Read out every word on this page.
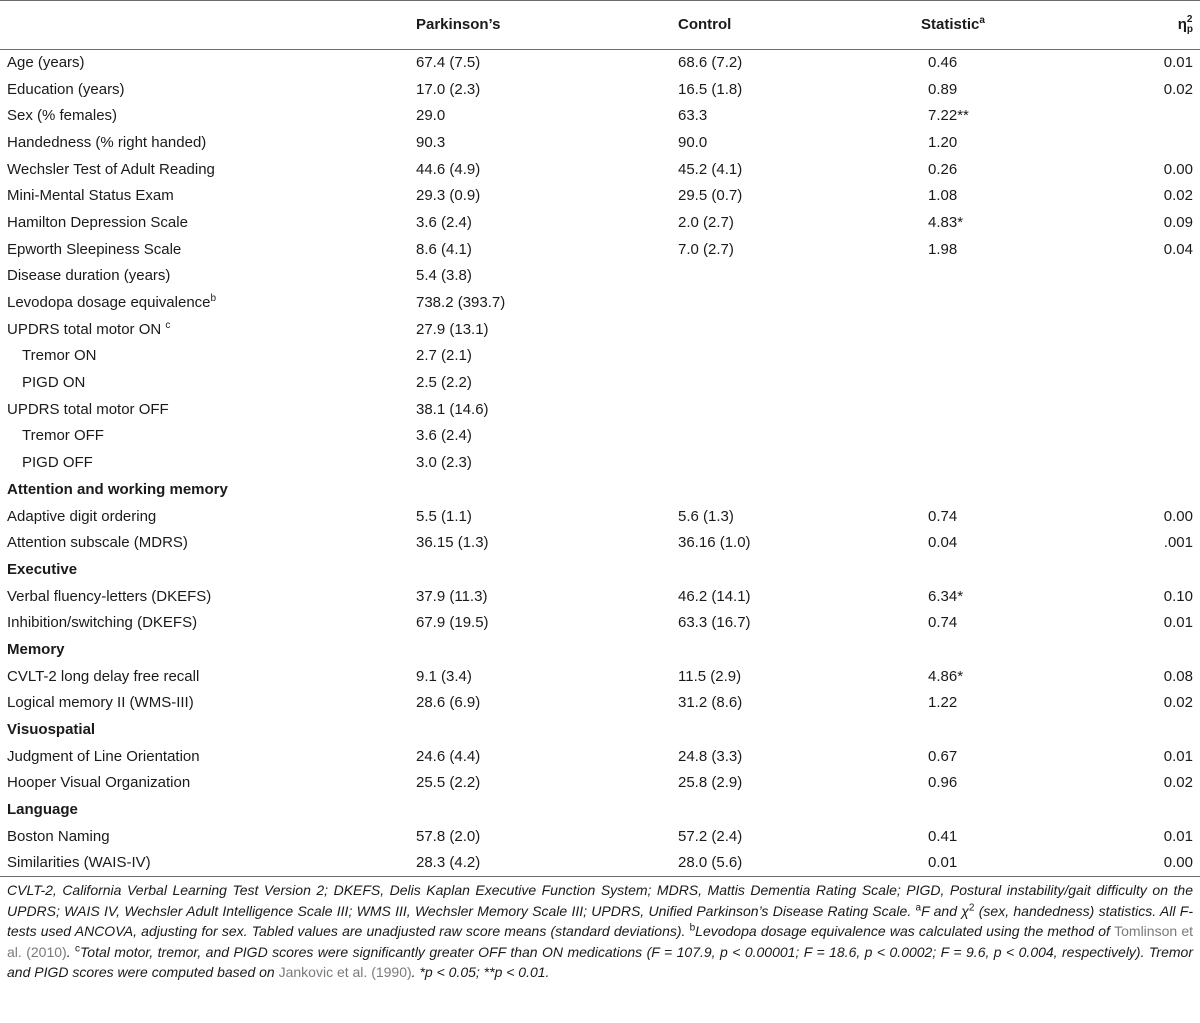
	Parkinson’s	Control	Statistic$^a$	η 2
p

Age (years)	67.4 (7.5)	68.6 (7.2)	0.46	0.01
Education (years)	17.0 (2.3)	16.5 (1.8)	0.89	0.02
Sex (% females)	29.0	63.3	7.22**	
Handedness (% right handed)	90.3	90.0	1.20	
Wechsler Test of Adult Reading	44.6 (4.9)	45.2 (4.1)	0.26	0.00
Mini-Mental Status Exam	29.3 (0.9)	29.5 (0.7)	1.08	0.02
Hamilton Depression Scale	3.6 (2.4)	2.0 (2.7)	4.83*	0.09
Epworth Sleepiness Scale	8.6 (4.1)	7.0 (2.7)	1.98	0.04
Disease duration (years)	5.4 (3.8)			
Levodopa dosage equivalence$^b$	738.2 (393.7)			
UPDRS total motor ON $^c$	27.9 (13.1)			
Tremor ON	2.7 (2.1)			
PIGD ON	2.5 (2.2)			
UPDRS total motor OFF	38.1 (14.6)			
Tremor OFF	3.6 (2.4)			
PIGD OFF	3.0 (2.3)			
Attention and working memory				
Adaptive digit ordering	5.5 (1.1)	5.6 (1.3)	0.74	0.00
Attention subscale (MDRS)	36.15 (1.3)	36.16 (1.0)	0.04	.001
Executive				
Verbal fluency-letters (DKEFS)	37.9 (11.3)	46.2 (14.1)	6.34*	0.10
Inhibition/switching (DKEFS)	67.9 (19.5)	63.3 (16.7)	0.74	0.01
Memory				
CVLT-2 long delay free recall	9.1 (3.4)	11.5 (2.9)	4.86*	0.08
Logical memory II (WMS-III)	28.6 (6.9)	31.2 (8.6)	1.22	0.02
Visuospatial				
Judgment of Line Orientation	24.6 (4.4)	24.8 (3.3)	0.67	0.01
Hooper Visual Organization	25.5 (2.2)	25.8 (2.9)	0.96	0.02
Language				
Boston Naming	57.8 (2.0)	57.2 (2.4)	0.41	0.01
Similarities (WAIS-IV)	28.3 (4.2)	28.0 (5.6)	0.01	0.00
CVLT-2, California Verbal Learning Test Version 2; DKEFS, Delis Kaplan Executive Function System; MDRS, Mattis Dementia Rating Scale; PIGD, Postural instability/gait difficulty on the UPDRS; WAIS IV, Wechsler Adult Intelligence Scale III; WMS III, Wechsler Memory Scale III; UPDRS, Unified Parkinson’s Disease Rating Scale. $^a$F and $\chi^2$ (sex, handedness) statistics. All F-tests used ANCOVA, adjusting for sex. Tabled values are unadjusted raw score means (standard deviations). $^b$Levodopa dosage equivalence was calculated using the method of Tomlinson et al. (2010). $^c$Total motor, tremor, and PIGD scores were significantly greater OFF than ON medications (F = 107.9, p < 0.00001; F = 18.6, p < 0.0002; F = 9.6, p < 0.004, respectively). Tremor and PIGD scores were computed based on Jankovic et al. (1990). *p < 0.05; **p < 0.01.
